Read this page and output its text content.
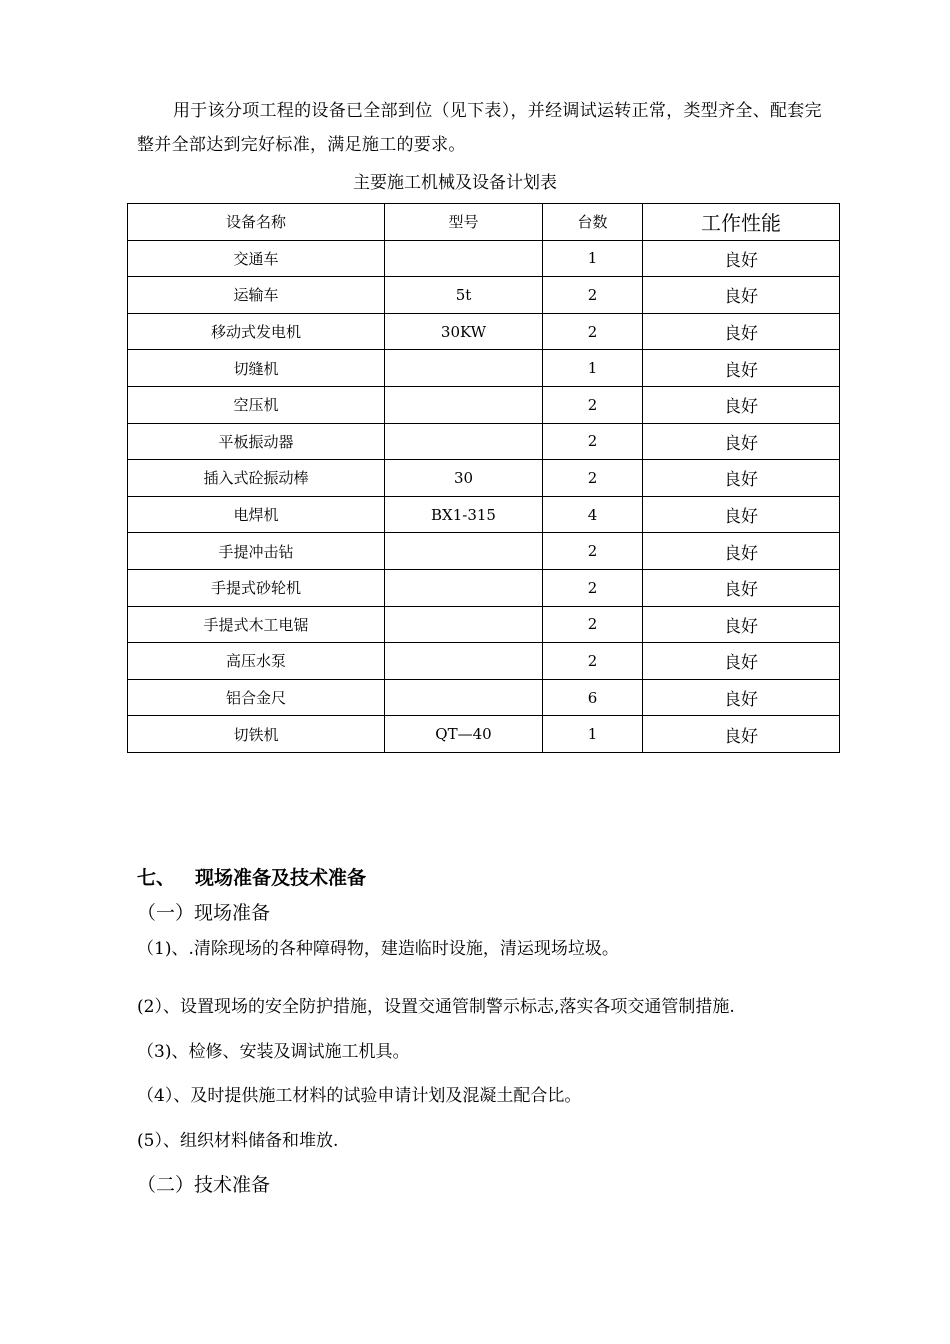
用于该分项工程的设备已全部到位（见下表），并经调试运转正常，类型齐全、配套完
整并全部达到完好标准，满足施工的要求。
主要施工机械及设备计划表
设备名称	型号	台数	工作性能
交通车		1	良好
运输车	5t	2	良好
移动式发电机	30KW	2	良好
切缝机		1	良好
空压机		2	良好
平板振动器		2	良好
插入式砼振动棒	30	2	良好
电焊机	BX1-315	4	良好
手提冲击钻		2	良好
手提式砂轮机		2	良好
手提式木工电锯		2	良好
高压水泵		2	良好
铝合金尺		6	良好
切铁机	QT—40	1	良好
七、 现场准备及技术准备
（一）现场准备
（1)、.清除现场的各种障碍物，建造临时设施，清运现场垃圾。
(2）、设置现场的安全防护措施，设置交通管制警示标志,落实各项交通管制措施.
（3)、检修、安装及调试施工机具。
（4）、及时提供施工材料的试验申请计划及混凝土配合比。
(5）、组织材料储备和堆放.
（二）技术准备
